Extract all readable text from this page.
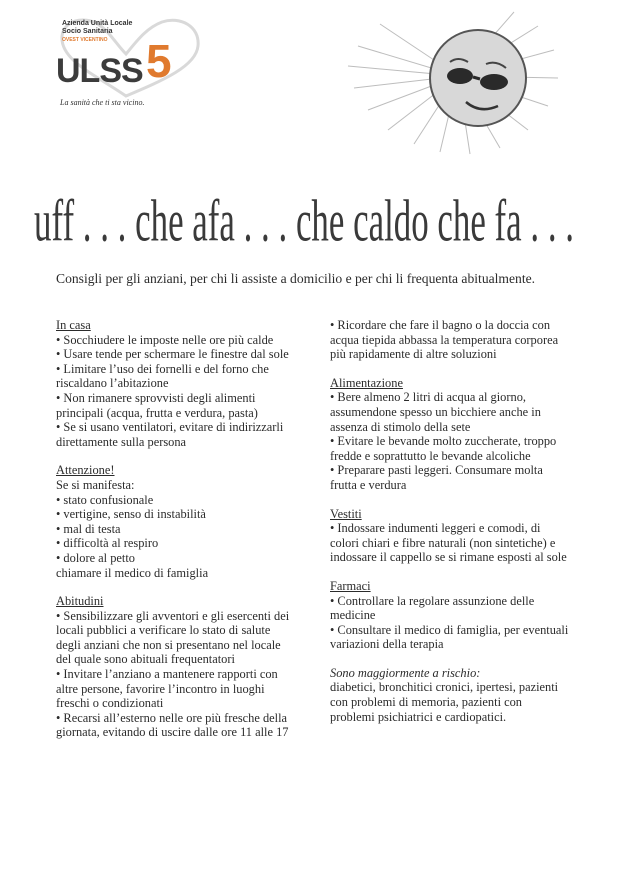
Azienda Unità Locale
Socio Sanitaria
OVEST VICENTINO
ULSS 5
La sanità che ti sta vicino.
uff . . . che afa . . . che caldo che fa . . .
Consigli per gli anziani, per chi li assiste a domicilio e per chi li frequenta abitualmente.
In casa
• Socchiudere le imposte nelle ore più calde
• Usare tende per schermare le finestre dal sole
• Limitare l’uso dei fornelli e del forno che
riscaldano l’abitazione
• Non rimanere sprovvisti degli alimenti
principali (acqua, frutta e verdura, pasta)
• Se si usano ventilatori, evitare di indirizzarli
direttamente sulla persona
Attenzione!
Se si manifesta:
• stato confusionale
• vertigine, senso di instabilità
• mal di testa
• difficoltà al respiro
• dolore al petto
chiamare il medico di famiglia
Abitudini
• Sensibilizzare gli avventori e gli esercenti dei
locali pubblici a verificare lo stato di salute
degli anziani che non si presentano nel locale
del quale sono abituali frequentatori
• Invitare l’anziano a mantenere rapporti con
altre persone, favorire l’incontro in luoghi
freschi o condizionati
• Recarsi all’esterno nelle ore più fresche della
giornata, evitando di uscire dalle ore 11 alle 17
• Ricordare che fare il bagno o la doccia con
acqua tiepida abbassa la temperatura corporea
più rapidamente di altre soluzioni
Alimentazione
• Bere almeno 2 litri di acqua al giorno,
assumendone spesso un bicchiere anche in
assenza di stimolo della sete
• Evitare le bevande molto zuccherate, troppo
fredde e soprattutto le bevande alcoliche
• Preparare pasti leggeri. Consumare molta
frutta e verdura
Vestiti
• Indossare indumenti leggeri e comodi, di
colori chiari e fibre naturali (non sintetiche) e
indossare il cappello se si rimane esposti al sole
Farmaci
• Controllare la regolare assunzione delle
medicine
• Consultare il medico di famiglia, per eventuali
variazioni della terapia
Sono maggiormente a rischio:
diabetici, bronchitici cronici, ipertesi, pazienti
con problemi di memoria, pazienti con
problemi psichiatrici e cardiopatici.
